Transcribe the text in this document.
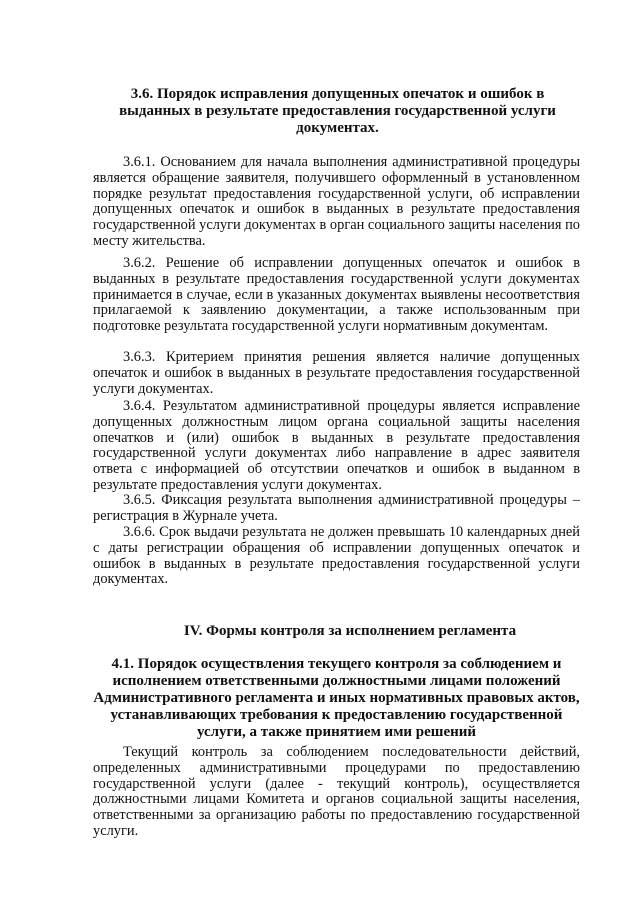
3.6. Порядок исправления допущенных опечаток и ошибок в выданных в результате предоставления государственной услуги документах.

3.6.1. Основанием для начала выполнения административной процедуры является обращение заявителя, получившего оформленный в установленном порядке результат предоставления государственной услуги, об исправлении допущенных опечаток и ошибок в выданных в результате предоставления государственной услуги документах в орган социального защиты населения по месту жительства.

3.6.2. Решение об исправлении допущенных опечаток и ошибок в выданных в результате предоставления государственной услуги документах принимается в случае, если в указанных документах выявлены несоответствия прилагаемой к заявлению документации, а также использованным при подготовке результата государственной услуги нормативным документам.

3.6.3. Критерием принятия решения является наличие допущенных опечаток и ошибок в выданных в результате предоставления государственной услуги документах.

3.6.4. Результатом административной процедуры является исправление допущенных должностным лицом органа социальной защиты населения опечатков и (или) ошибок в выданных в результате предоставления государственной услуги документах либо направление в адрес заявителя ответа с информацией об отсутствии опечатков и ошибок в выданном в результате предоставления услуги документах.

3.6.5. Фиксация результата выполнения административной процедуры – регистрация в Журнале учета.

3.6.6. Срок выдачи результата не должен превышать 10 календарных дней с даты регистрации обращения об исправлении допущенных опечаток и ошибок в выданных в результате предоставления государственной услуги документах.

IV. Формы контроля за исполнением регламента

4.1. Порядок осуществления текущего контроля за соблюдением и исполнением ответственными должностными лицами положений Административного регламента и иных нормативных правовых актов, устанавливающих требования к предоставлению государственной услуги, а также принятием ими решений

Текущий контроль за соблюдением последовательности действий, определенных административными процедурами по предоставлению государственной услуги (далее - текущий контроль), осуществляется должностными лицами Комитета и органов социальной защиты населения, ответственными за организацию работы по предоставлению государственной услуги.
